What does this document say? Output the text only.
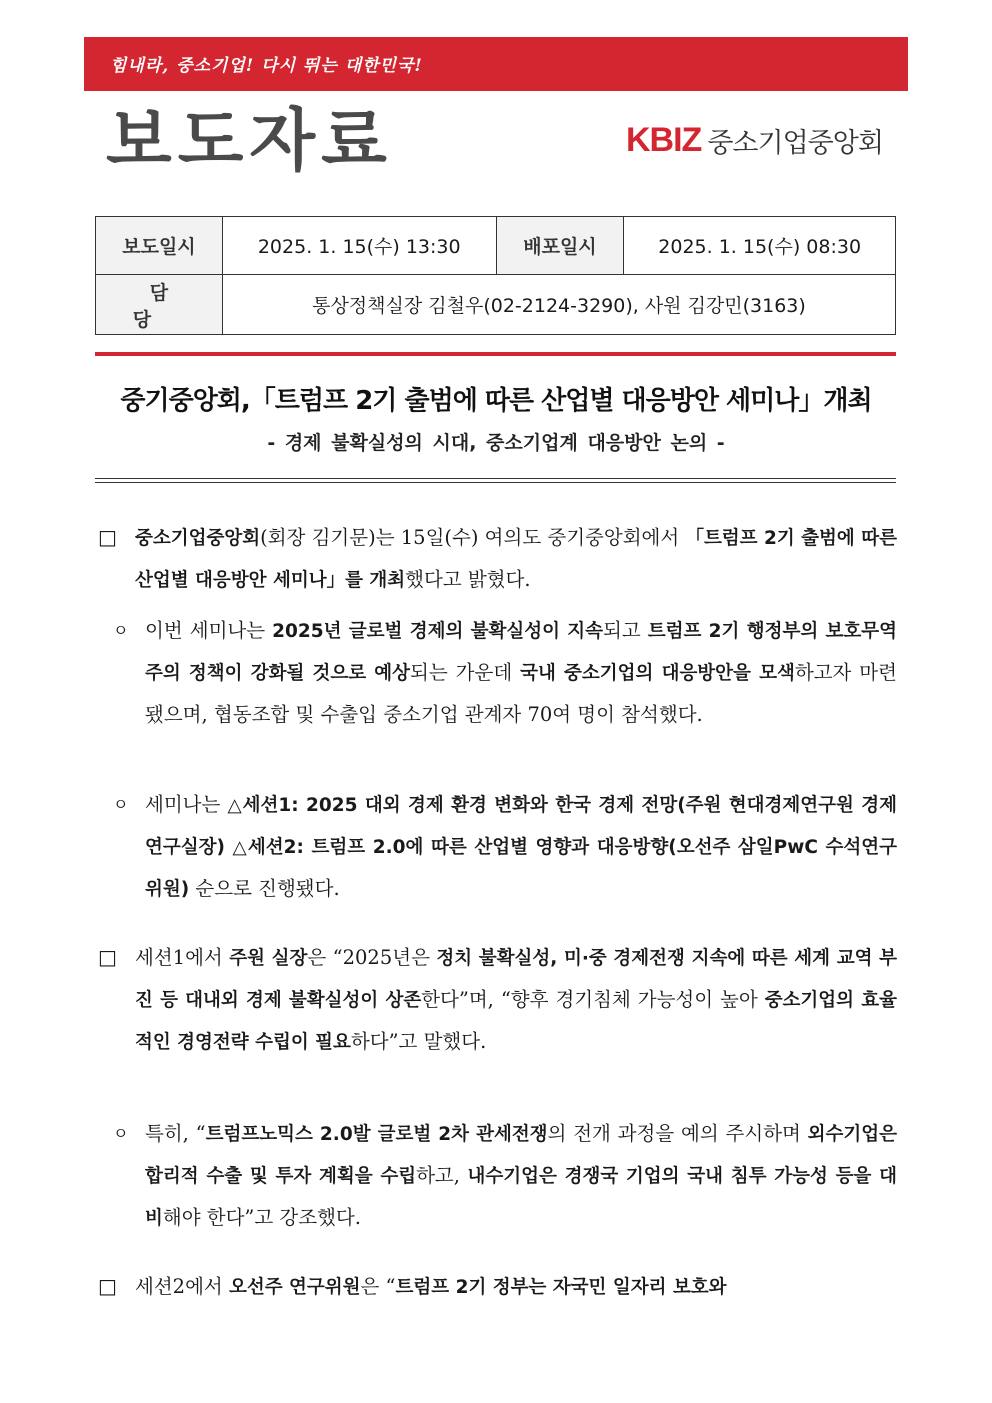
힘내라, 중소기업! 다시 뛰는 대한민국!
보도자료	KBIZ 중소기업중앙회
보도일시	2025. 1. 15(수) 13:30	배포일시	2025. 1. 15(수) 08:30
담당	통상정책실장 김철우(02-2124-3290), 사원 김강민(3163)		
중기중앙회,「트럼프 2기 출범에 따른 산업별 대응방안 세미나」개최
- 경제 불확실성의 시대, 중소기업계 대응방안 논의 -
□ 중소기업중앙회(회장 김기문)는 15일(수) 여의도 중기중앙회에서 「트럼프 2기 출범에 따른 산업별 대응방안 세미나」를 개최했다고 밝혔다.
ㅇ 이번 세미나는 2025년 글로벌 경제의 불확실성이 지속되고 트럼프 2기 행정부의 보호무역주의 정책이 강화될 것으로 예상되는 가운데 국내 중소기업의 대응방안을 모색하고자 마련됐으며, 협동조합 및 수출입 중소기업 관계자 70여 명이 참석했다.
ㅇ 세미나는 △세션1: 2025 대외 경제 환경 변화와 한국 경제 전망(주원 현대경제연구원 경제연구실장) △세션2: 트럼프 2.0에 따른 산업별 영향과 대응방향(오선주 삼일PwC 수석연구위원) 순으로 진행됐다.
□ 세션1에서 주원 실장은 “2025년은 정치 불확실성, 미·중 경제전쟁 지속에 따른 세계 교역 부진 등 대내외 경제 불확실성이 상존한다”며, “향후 경기침체 가능성이 높아 중소기업의 효율적인 경영전략 수립이 필요하다”고 말했다.
ㅇ 특히, “트럼프노믹스 2.0발 글로벌 2차 관세전쟁의 전개 과정을 예의 주시하며 외수기업은 합리적 수출 및 투자 계획을 수립하고, 내수기업은 경쟁국 기업의 국내 침투 가능성 등을 대비해야 한다”고 강조했다.
□ 세션2에서 오선주 연구위원은 “트럼프 2기 정부는 자국민 일자리 보호와
